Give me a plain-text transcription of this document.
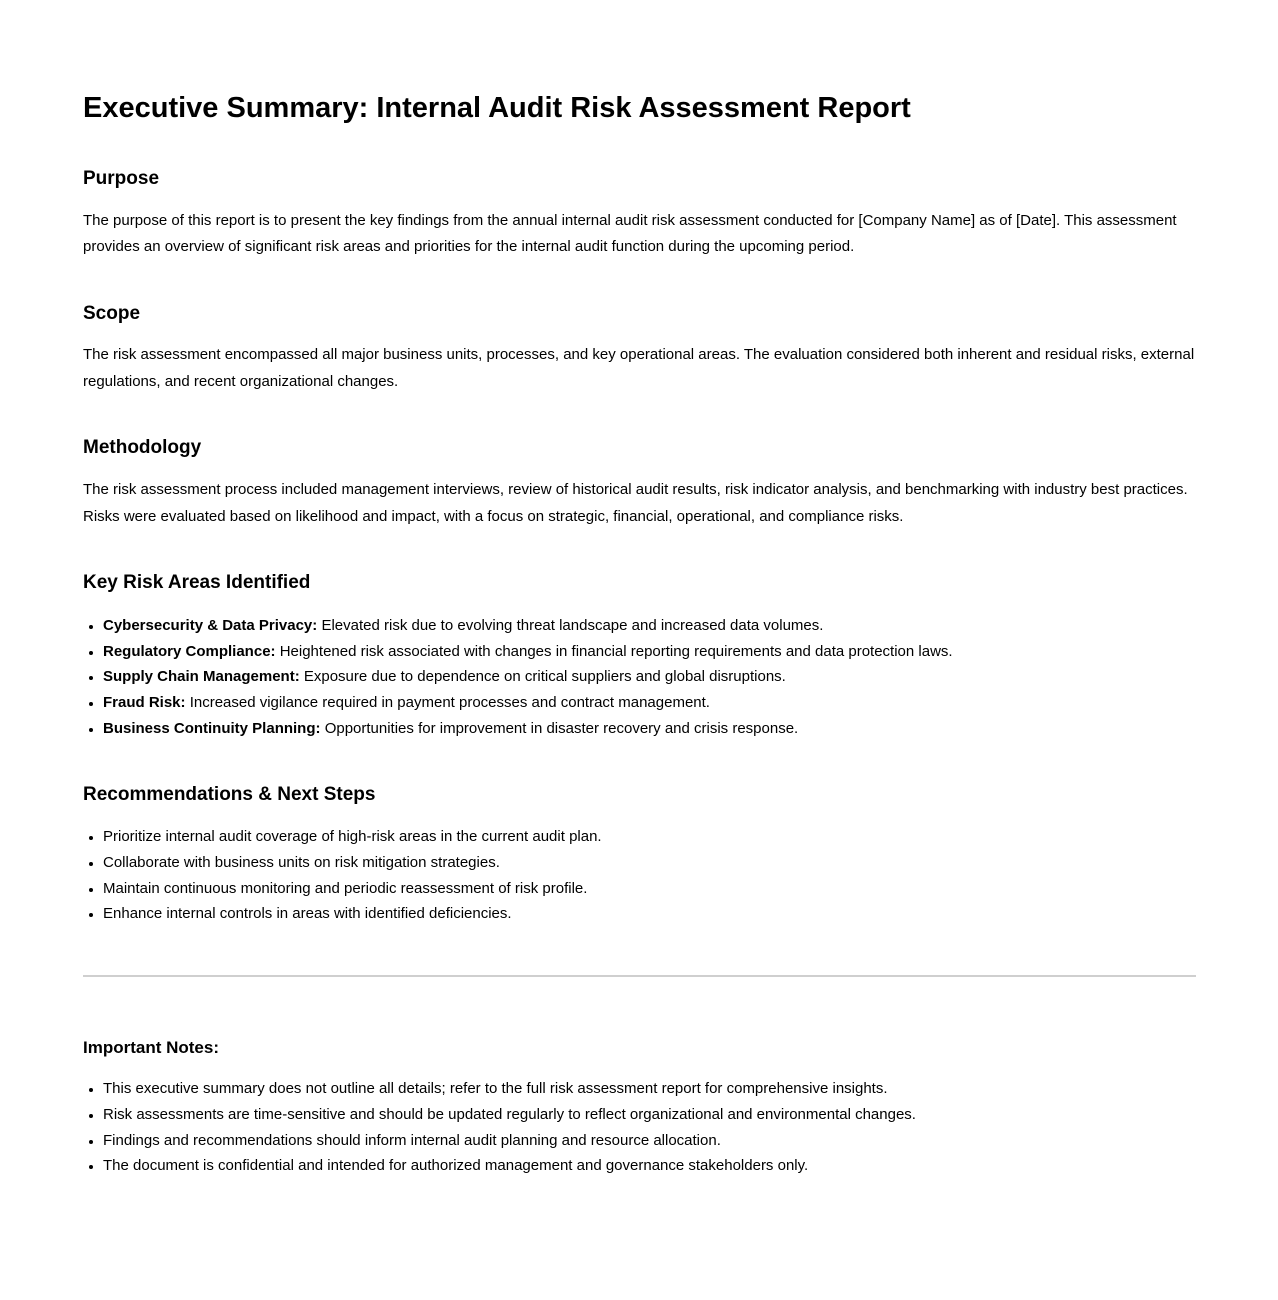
Executive Summary: Internal Audit Risk Assessment Report
Purpose

The purpose of this report is to present the key findings from the annual internal audit risk assessment conducted for [Company Name] as of [Date]. This assessment provides an overview of significant risk areas and priorities for the internal audit function during the upcoming period.

Scope

The risk assessment encompassed all major business units, processes, and key operational areas. The evaluation considered both inherent and residual risks, external regulations, and recent organizational changes.

Methodology

The risk assessment process included management interviews, review of historical audit results, risk indicator analysis, and benchmarking with industry best practices. Risks were evaluated based on likelihood and impact, with a focus on strategic, financial, operational, and compliance risks.

Key Risk Areas Identified
• Cybersecurity & Data Privacy: Elevated risk due to evolving threat landscape and increased data volumes.
• Regulatory Compliance: Heightened risk associated with changes in financial reporting requirements and data protection laws.
• Supply Chain Management: Exposure due to dependence on critical suppliers and global disruptions.
• Fraud Risk: Increased vigilance required in payment processes and contract management.
• Business Continuity Planning: Opportunities for improvement in disaster recovery and crisis response.
Recommendations & Next Steps
• Prioritize internal audit coverage of high-risk areas in the current audit plan.
• Collaborate with business units on risk mitigation strategies.
• Maintain continuous monitoring and periodic reassessment of risk profile.
• Enhance internal controls in areas with identified deficiencies.
Important Notes:
• This executive summary does not outline all details; refer to the full risk assessment report for comprehensive insights.
• Risk assessments are time-sensitive and should be updated regularly to reflect organizational and environmental changes.
• Findings and recommendations should inform internal audit planning and resource allocation.
• The document is confidential and intended for authorized management and governance stakeholders only.
